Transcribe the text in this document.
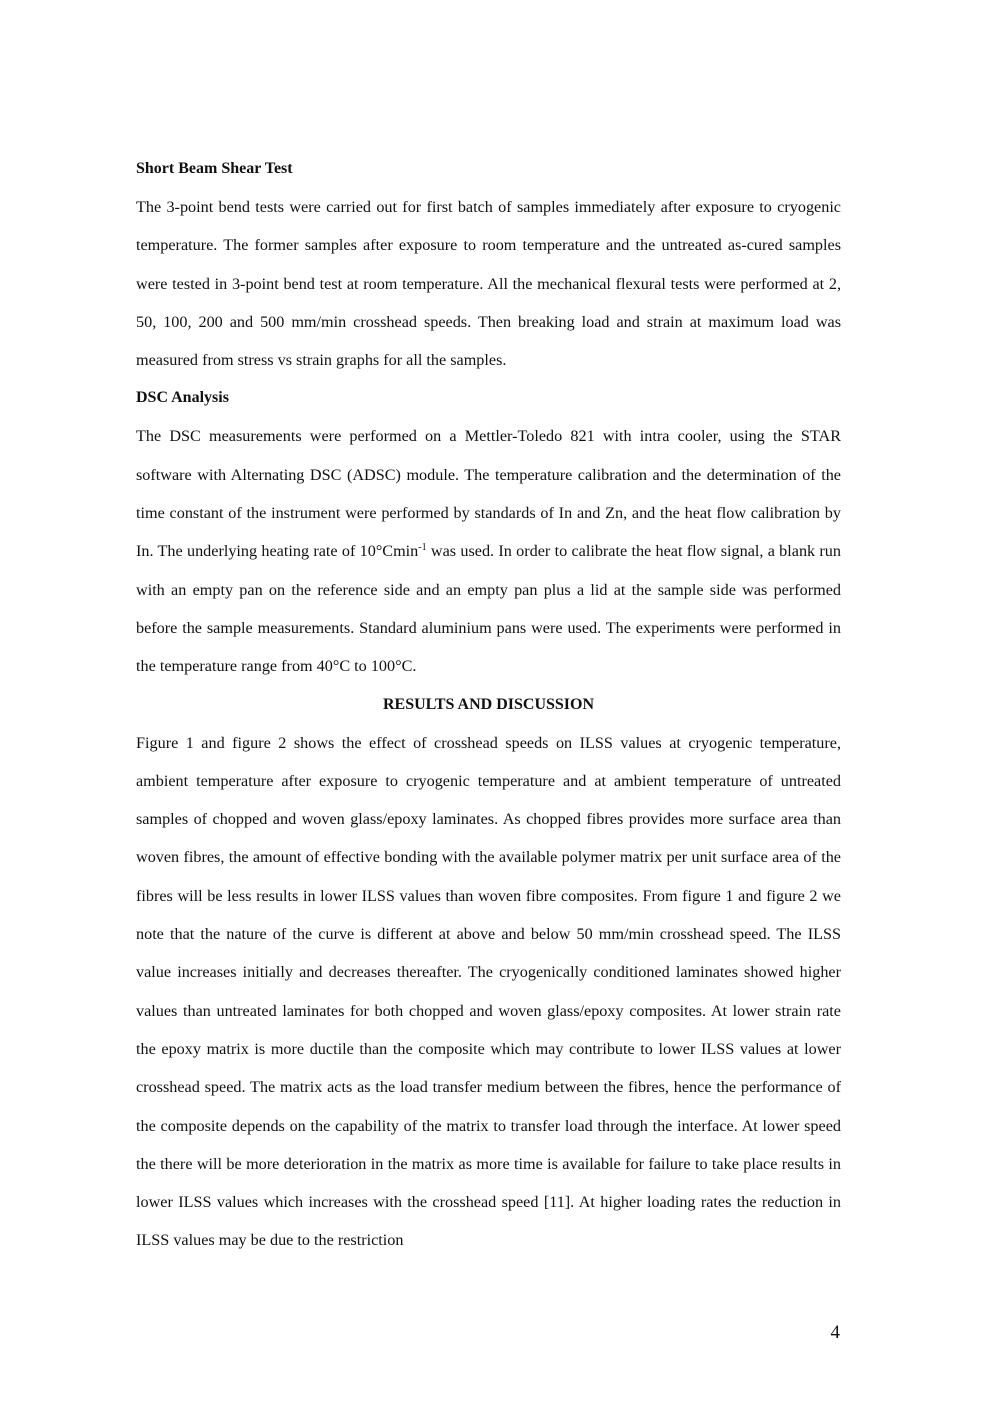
Short Beam Shear Test

The 3-point bend tests were carried out for first batch of samples immediately after exposure to cryogenic temperature. The former samples after exposure to room temperature and the untreated as-cured samples were tested in 3-point bend test at room temperature. All the mechanical flexural tests were performed at 2, 50, 100, 200 and 500 mm/min crosshead speeds. Then breaking load and strain at maximum load was measured from stress vs strain graphs for all the samples.

DSC Analysis

The DSC measurements were performed on a Mettler-Toledo 821 with intra cooler, using the STAR software with Alternating DSC (ADSC) module. The temperature calibration and the determination of the time constant of the instrument were performed by standards of In and Zn, and the heat flow calibration by In. The underlying heating rate of 10°Cmin$^{-1}$ was used. In order to calibrate the heat flow signal, a blank run with an empty pan on the reference side and an empty pan plus a lid at the sample side was performed before the sample measurements. Standard aluminium pans were used. The experiments were performed in the temperature range from 40°C to 100°C.

RESULTS AND DISCUSSION

Figure 1 and figure 2 shows the effect of crosshead speeds on ILSS values at cryogenic temperature, ambient temperature after exposure to cryogenic temperature and at ambient temperature of untreated samples of chopped and woven glass/epoxy laminates. As chopped fibres provides more surface area than woven fibres, the amount of effective bonding with the available polymer matrix per unit surface area of the fibres will be less results in lower ILSS values than woven fibre composites. From figure 1 and figure 2 we note that the nature of the curve is different at above and below 50 mm/min crosshead speed. The ILSS value increases initially and decreases thereafter. The cryogenically conditioned laminates showed higher values than untreated laminates for both chopped and woven glass/epoxy composites. At lower strain rate the epoxy matrix is more ductile than the composite which may contribute to lower ILSS values at lower crosshead speed. The matrix acts as the load transfer medium between the fibres, hence the performance of the composite depends on the capability of the matrix to transfer load through the interface. At lower speed the there will be more deterioration in the matrix as more time is available for failure to take place results in lower ILSS values which increases with the crosshead speed [11]. At higher loading rates the reduction in ILSS values may be due to the restriction

4
